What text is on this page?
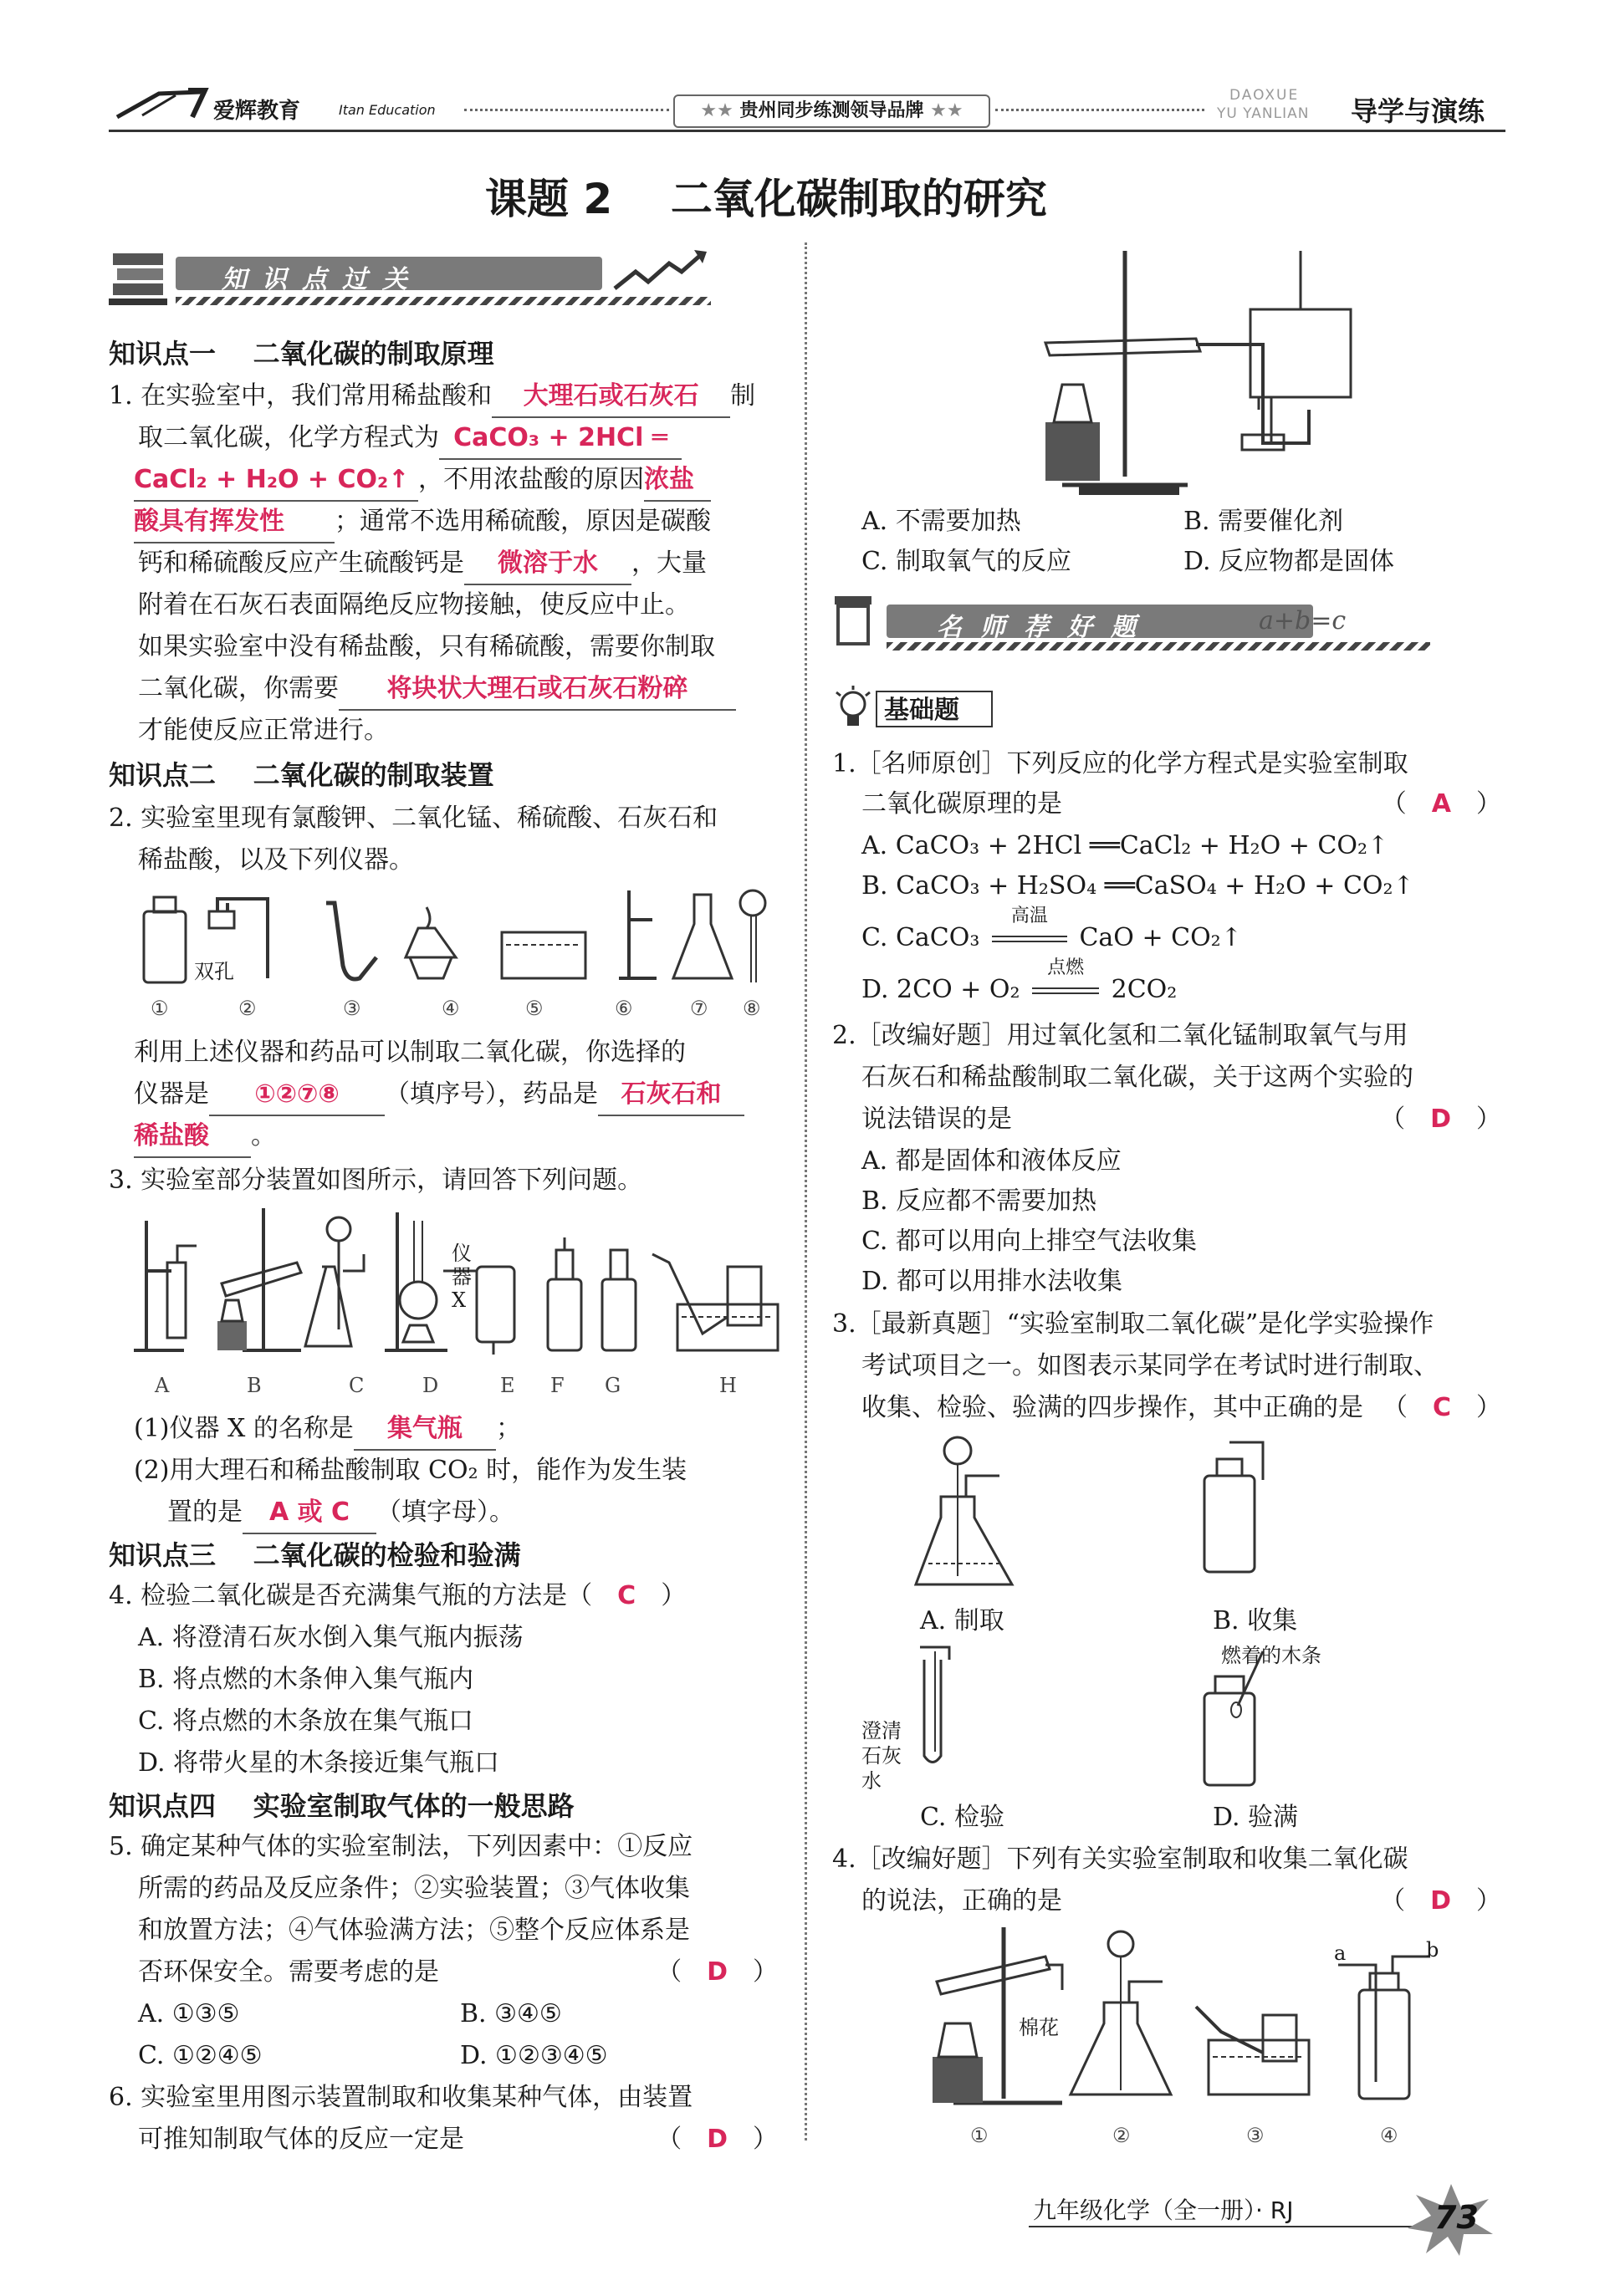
爱辉教育	Itan Education	★★ 贵州同步练测领导品牌 ★★
DAOXUE
YU YANLIAN 导学与演练
课题 2    二氧化碳制取的研究
知识点过关
知识点一    二氧化碳的制取原理
1. 在实验室中，我们常用稀盐酸和 大理石或石灰石 制
取二氧化碳，化学方程式为 CaCO₃ + 2HCl ═
CaCl₂ + H₂O + CO₂↑ ，不用浓盐酸的原因浓盐
酸具有挥发性 ；通常不选用稀硫酸，原因是碳酸
钙和稀硫酸反应产生硫酸钙是 微溶于水 ，大量
附着在石灰石表面隔绝反应物接触，使反应中止。
如果实验室中没有稀盐酸，只有稀硫酸，需要你制取
二氧化碳，你需要 将块状大理石或石灰石粉碎
才能使反应正常进行。
知识点二    二氧化碳的制取装置
2. 实验室里现有氯酸钾、二氧化锰、稀硫酸、石灰石和
稀盐酸，以及下列仪器。
双孔
①	②	③	④	⑤	⑥	⑦ ⑧
利用上述仪器和药品可以制取二氧化碳，你选择的
仪器是 ①②⑦⑧ （填序号），药品是 石灰石和
稀盐酸 。
3. 实验室部分装置如图所示，请回答下列问题。
仪器X
A	B	C	D	E F G	H
(1)仪器 X 的名称是 集气瓶 ；
(2)用大理石和稀盐酸制取 CO₂ 时，能作为发生装
置的是 A 或 C （填字母）。
知识点三    二氧化碳的检验和验满
4. 检验二氧化碳是否充满集气瓶的方法是（ C ）
A. 将澄清石灰水倒入集气瓶内振荡
B. 将点燃的木条伸入集气瓶内
C. 将点燃的木条放在集气瓶口
D. 将带火星的木条接近集气瓶口
知识点四    实验室制取气体的一般思路
5. 确定某种气体的实验室制法，下列因素中：①反应
所需的药品及反应条件；②实验装置；③气体收集
和放置方法；④气体验满方法；⑤整个反应体系是
否环保安全。需要考虑的是	（ D ）
A. ①③⑤	B. ③④⑤
C. ①②④⑤	D. ①②③④⑤
6. 实验室里用图示装置制取和收集某种气体，由装置
可推知制取气体的反应一定是	（ D ）
A. 不需要加热	B. 需要催化剂
C. 制取氧气的反应	D. 反应物都是固体
名师荐好题	a+b=c
基础题
1.［名师原创］下列反应的化学方程式是实验室制取
二氧化碳原理的是	（ A ）
A. CaCO₃ + 2HCl ══CaCl₂ + H₂O + CO₂↑
B. CaCO₃ + H₂SO₄ ══CaSO₄ + H₂O + CO₂↑
C. CaCO₃
高温
CaO + CO₂↑
D. 2CO + O₂
点燃
2CO₂
2.［改编好题］用过氧化氢和二氧化锰制取氧气与用
石灰石和稀盐酸制取二氧化碳，关于这两个实验的
说法错误的是	（ D ）
A. 都是固体和液体反应
B. 反应都不需要加热
C. 都可以用向上排空气法收集
D. 都可以用排水法收集
3.［最新真题］“实验室制取二氧化碳”是化学实验操作
考试项目之一。如图表示某同学在考试时进行制取、
收集、检验、验满的四步操作，其中正确的是 （ C ）
A. 制取	B. 收集
澄清石灰水
燃着的木条
C. 检验	D. 验满
4.［改编好题］下列有关实验室制取和收集二氧化碳
的说法，正确的是	（ D ）
棉花
a	b
①	②	③	④
九年级化学（全一册）· RJ	73
